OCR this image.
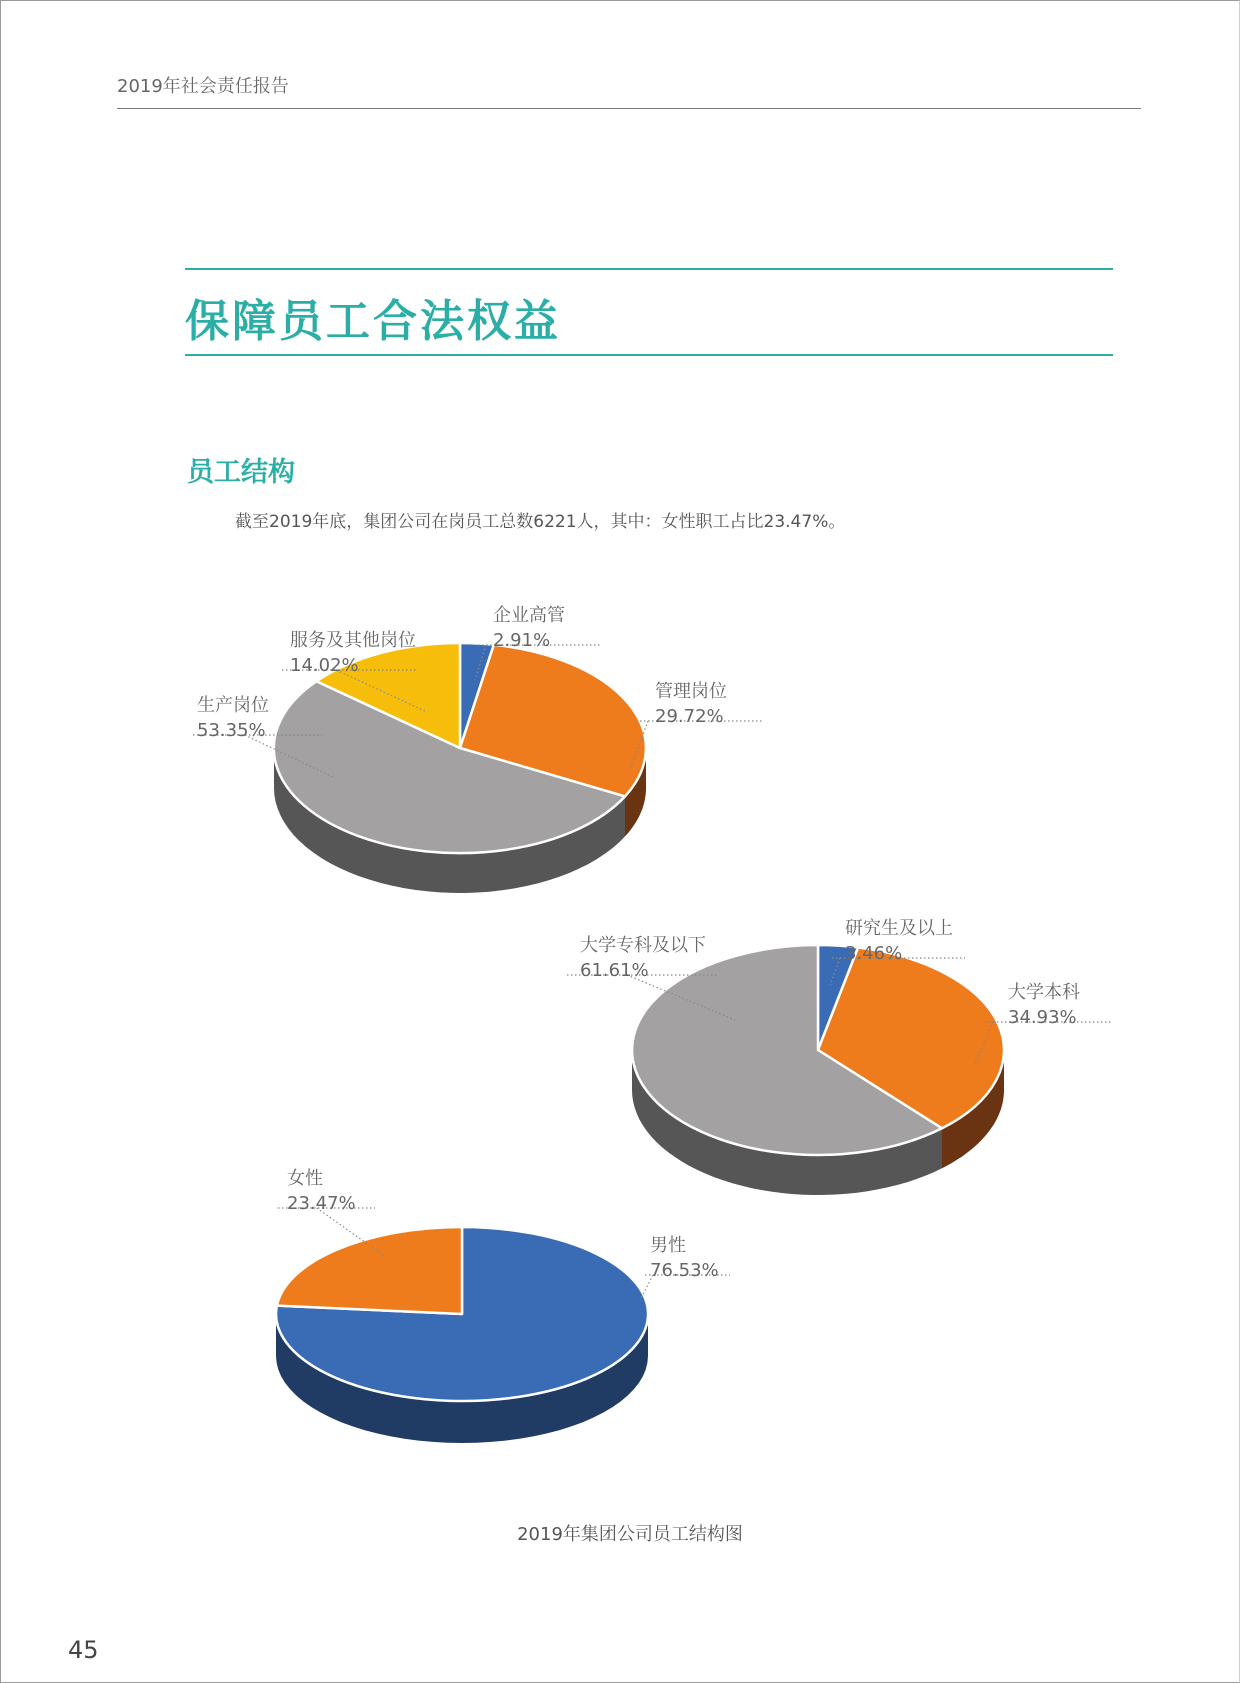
2019年社会责任报告
保障员工合法权益
员工结构
截至2019年底，集团公司在岗员工总数6221人，其中：女性职工占比23.47%。
企业高管
2.91%
管理岗位
29.72%
生产岗位
53.35%
服务及其他岗位
14.02%
研究生及以上
3.46%
大学本科
34.93%
大学专科及以下
61.61%
男性
76.53%
女性
23.47%
2019年集团公司员工结构图
45
